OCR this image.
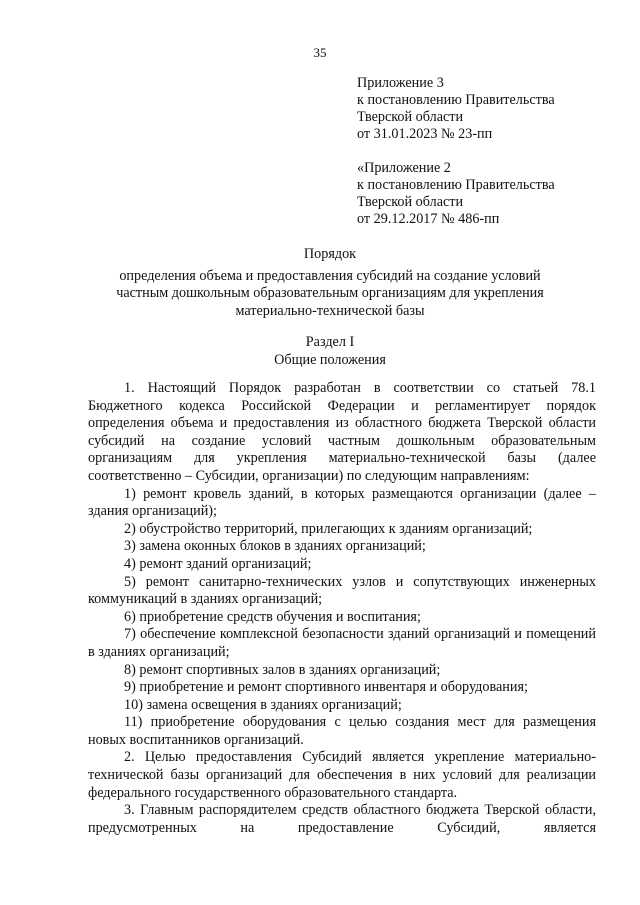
35
Приложение 3
к постановлению Правительства
Тверской области
от 31.01.2023 № 23-пп
«Приложение 2
к постановлению Правительства
Тверской области
от 29.12.2017 № 486-пп
Порядок
определения объема и предоставления субсидий на создание условий
частным дошкольным образовательным организациям для укрепления
материально-технической базы
Раздел I
Общие положения

1. Настоящий Порядок разработан в соответствии со статьей 78.1 Бюджетного кодекса Российской Федерации и регламентирует порядок определения объема и предоставления из областного бюджета Тверской области субсидий на создание условий частным дошкольным образовательным организациям для укрепления материально-технической базы (далее соответственно – Субсидии, организации) по следующим направлениям:

1) ремонт кровель зданий, в которых размещаются организации (далее – здания организаций);

2) обустройство территорий, прилегающих к зданиям организаций;

3) замена оконных блоков в зданиях организаций;

4) ремонт зданий организаций;

5) ремонт санитарно-технических узлов и сопутствующих инженерных коммуникаций в зданиях организаций;

6) приобретение средств обучения и воспитания;

7) обеспечение комплексной безопасности зданий организаций и помещений в зданиях организаций;

8) ремонт спортивных залов в зданиях организаций;

9) приобретение и ремонт спортивного инвентаря и оборудования;

10) замена освещения в зданиях организаций;

11) приобретение оборудования с целью создания мест для размещения новых воспитанников организаций.

2. Целью предоставления Субсидий является укрепление материально-технической базы организаций для обеспечения в них условий для реализации федерального государственного образовательного стандарта.

3. Главным распорядителем средств областного бюджета Тверской области, предусмотренных на предоставление Субсидий, является
